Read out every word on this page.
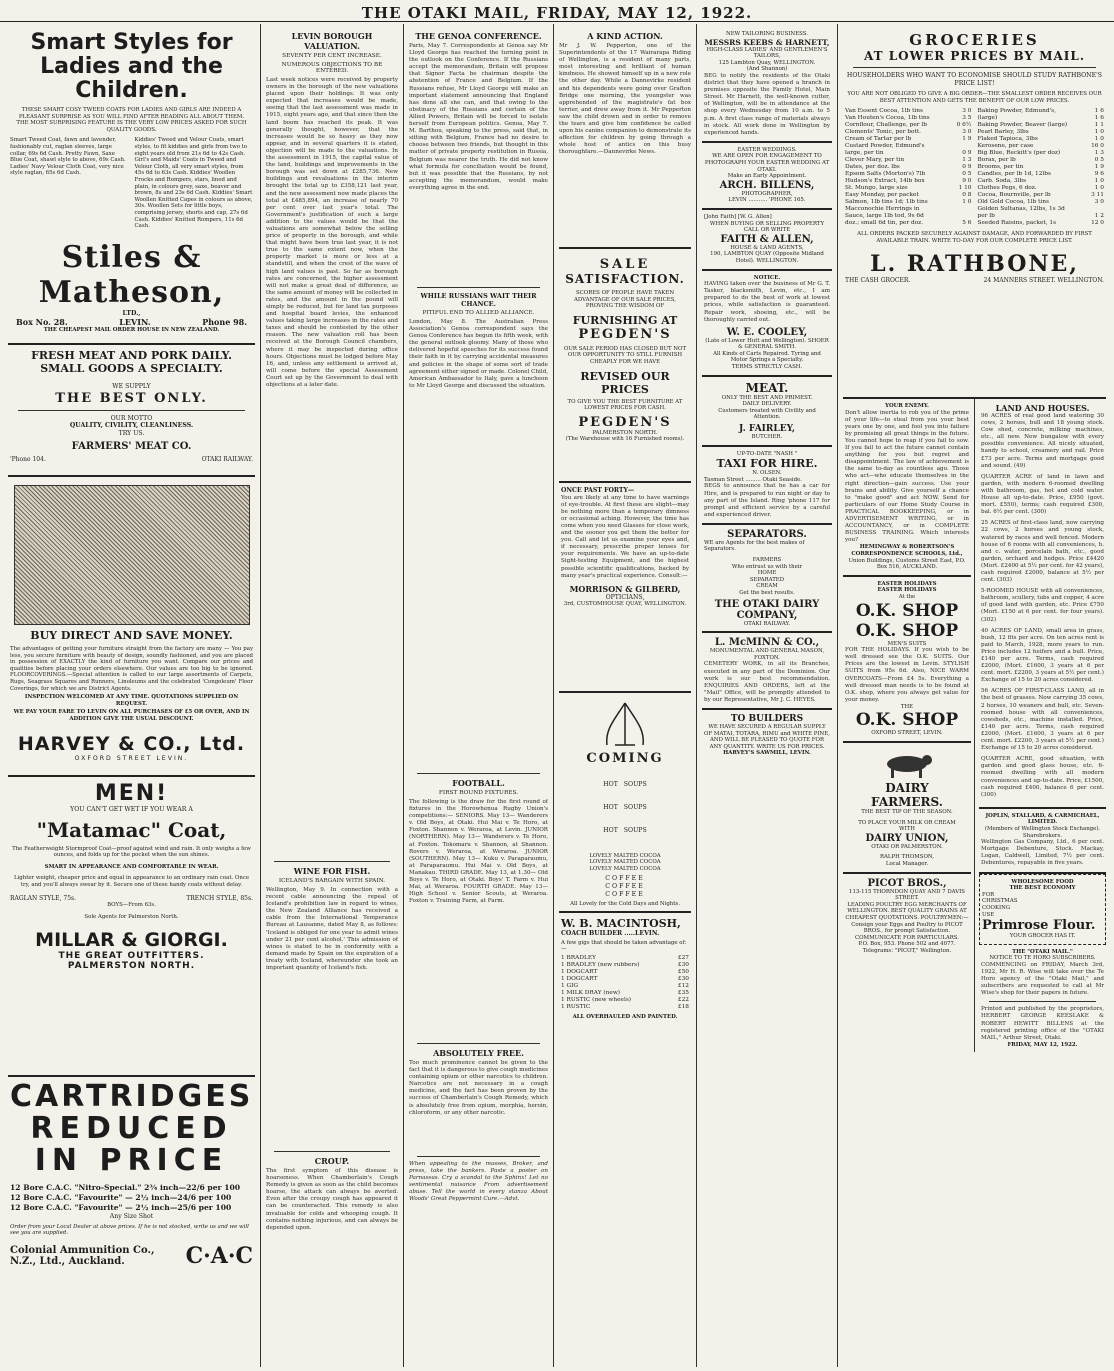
THE OTAKI MAIL, FRIDAY, MAY 12, 1922.
Smart Styles for Ladies and the Children.
THESE SMART COSY TWEED COATS FOR LADIES AND GIRLS ARE INDEED A PLEASANT SURPRISE AS YOU WILL FIND AFTER READING ALL ABOUT THEM. THE MOST SURPRISING FEATURE IS THE VERY LOW PRICES ASKED FOR SUCH QUALITY GOODS.
Smart Tweed Coat, fawn and lavender, fashionably cut, raglan sleeves, large collar, 69s 6d Cash. Pretty Fawn, Saxe Blue Coat, shawl style to above, 69s Cash. Ladies' Navy Velour Cloth Coat, very nice style raglan, 65s 6d Cash.
Kiddies' Tweed and Velour Coats, smart styles, to fit kiddies and girls from two to eight years old from 21s 6d to 42s Cash. Girl's and Maids' Coats in Tweed and Velour Cloth, all very smart styles, from 45s 6d to 63s Cash. Kiddies' Woollen Frocks and Rompers, stars, lined and plain, in colours grey, saxe, beaver and brown, 8s and 23s 6d Cash. Kiddies' Smart Woollen Knitted Capes in colours as above, 30s. Woollen Sets for little boys, comprising jersey, shorts and cap, 27s 6d Cash. Kiddies' Knitted Rompers, 11s 6d Cash.
Stiles & Matheson,
LTD.,
Box No. 28.	LEVIN.	Phone 98.
THE CHEAPEST MAIL ORDER HOUSE IN NEW ZEALAND.
FRESH MEAT AND PORK DAILY.
SMALL GOODS A SPECIALTY.
WE SUPPLY
THE BEST ONLY.
OUR MOTTO
QUALITY, CIVILITY, CLEANLINESS.
TRY US.
FARMERS' MEAT CO.
'Phone 104.	OTAKI RAILWAY.
BUY DIRECT AND SAVE MONEY.
The advantages of getting your furniture straight from the factory are many — You pay less, you secure furniture with beauty of design, soundly fashioned, and you are placed in possession of EXACTLY the kind of furniture you want. Compare our prices and qualities before placing your orders elsewhere. Our values are too big to be ignored. FLOORCOVERINGS.—Special attention is called to our large assortments of Carpets, Rugs, Seagrass Squares and Runners, Linoleums and the celebrated 'Congoleum' Floor Coverings, for which we are District Agents.
INSPECTION WELCOMED AT ANY TIME. QUOTATIONS SUPPLIED ON REQUEST.
WE PAY YOUR FARE TO LEVIN ON ALL PURCHASES OF £5 OR OVER, AND IN ADDITION GIVE THE USUAL DISCOUNT.
HARVEY & CO., Ltd.
OXFORD STREET LEVIN.
MEN!
YOU CAN'T GET WET IF YOU WEAR A
"Matamac" Coat,
The Featherweight Stormproof Coat—proof against wind and rain. It only weighs a few ounces, and folds up for the pocket when the sun shines.
SMART IN APPEARANCE AND COMFORTABLE IN WEAR.
Lighter weight, cheaper price and equal in appearance to an ordinary rain coat. Once try, and you'll always swear by it. Secure one of these handy coats without delay.
RAGLAN STYLE, 75s.	TRENCH STYLE, 85s.
BOYS—From 63s.
Sole Agents for Palmerston North.
MILLAR & GIORGI.
THE GREAT OUTFITTERS.
PALMERSTON NORTH.
CARTRIDGES
REDUCED
IN PRICE
12 Bore C.A.C. "Nitro-Special." 2¾ inch—22/6 per 100
12 Bore C.A.C. "Favourite" — 2½ inch—24/6 per 100
12 Bore C.A.C. "Favourite" — 2½ inch—25/6 per 100
Any Size Shot
Order from your Local Dealer at above prices. If he is not stocked, write us and we will see you are supplied.
Colonial Ammunition Co., N.Z., Ltd., Auckland.	C·A·C
LEVIN BOROUGH VALUATION.
SEVENTY PER CENT INCREASE.
NUMEROUS OBJECTIONS TO BE ENTERED.
Last week notices were received by property owners in the borough of the new valuations placed upon their holdings. It was only expected that increases would be made, seeing that the last assessment was made in 1915, eight years ago, and that since then the land boom has reached its peak. It was generally thought, however, that the increases would be so heavy as they now appear, and in several quarters it is stated, objection will be made to the valuations. In the assessment in 1915, the capital value of the land, buildings and improvements in the borough was set down at £285,736. New buildings and revaluations in the interim brought the total up to £358,121 last year, and the new assessment now made places the total at £485,894, an increase of nearly 70 per cent over last year's total. The Government's justification of such a large addition to the values would be that the valuations are somewhat below the selling price of property in the borough, and while that might have been true last year, it is not true to the same extent now, when the property market is more or less at a standstill, and when the crest of the wave of high land values is past. So far as borough rates are concerned, the higher assessment will not make a great deal of difference, as the same amount of money will be collected in rates, and the amount in the pound will simply be reduced, but for land tax purposes and hospital board levies, the enhanced values taking large increases in the rates and taxes and should be contested by the other reason. The new valuation roll has been received at the Borough Council chambers, where it may be inspected during office hours. Objections must be lodged before May 16, and, unless any settlement is arrived at, will come before the special Assessment Court set up by the Government to deal with objections at a later date.
WINE FOR FISH.
ICELAND'S BARGAIN WITH SPAIN.
Wellington, May 9. In connection with a recent cable announcing the repeal of Iceland's prohibition law in regard to wines, the New Zealand Alliance has received a cable from the International Temperance Bureau at Lausanne, dated May 8, as follows: 'Iceland is obliged for one year to admit wines under 21 per cent alcohol.' This admission of wines is stated to be in conformity with a demand made by Spain on the expiration of a treaty with Iceland, whereunder she took an important quantity of Iceland's fish.
CROUP.
The first symptom of this disease is hoarseness. When Chamberlain's Cough Remedy is given as soon as the child becomes hoarse, the attack can always be averted. Even after the croupy cough has appeared it can be counteracted. This remedy is also invaluable for colds and whooping cough. It contains nothing injurious, and can always be depended upon.
THE GENOA CONFERENCE.
Paris, May 7. Correspondents at Genoa say Mr Lloyd George has reached the turning point in the outlook on the Conference. If the Russians accept the memorandum, Britain will propose that Signor Facta be chairman despite the abstention of France and Belgium. If the Russians refuse, Mr Lloyd George will make an important statement announcing that England has done all she can, and that owing to the obstinacy of the Russians and certain of the Allied Powers, Britain will be forced to isolate herself from European politics. Genoa, May 7. M. Barthou, speaking to the press, said that, in sitting with Belgium, France had no desire to choose between two friends, but thought in this matter of private property restitution in Russia, Belgium was nearer the truth. He did not know what formula for conciliation would be found, but it was possible that the Russians, by not accepting the memorandum, would make everything agree in the end.
WHILE RUSSIANS WAIT THEIR CHANCE.
PITIFUL END TO ALLIED ALLIANCE.
London, May 8. The Australian Press Association's Genoa correspondent says the Genoa Conference has begun its fifth week, with the general outlook gloomy. Many of those who delivered hopeful speeches for its success found their faith in it by carrying accidental measures and policies in the shape of some sort of trade agreement either signed or made. Colonel Child, American Ambassador to Italy, gave a luncheon to Mr Lloyd George and discussed the situation.
FOOTBALL.
FIRST ROUND FIXTURES.
The following is the draw for the first round of fixtures in the Horowhenua Rugby Union's competitions:— SENIORS. May 13— Wanderers v. Old Boys, at Otaki. Hui Mai v. Te Horo, at Foxton. Shannon v. Weraroa, at Levin. JUNIOR (NORTHERN). May 13— Wanderers v. Te Horo, at Foxton. Tokomaru v. Shannon, at Shannon. Rovers v. Weraroa, at Weraroa. JUNIOR (SOUTHERN). May 13— Kuku v. Paraparaumu, at Paraparaumu. Hui Mai v. Old Boys, at Manakau. THIRD GRADE. May 13, at 1.30— Old Boys v. Te Horo, at Otaki. Boys' T. Farm v. Hui Mai, at Weraroa. FOURTH GRADE. May 13— High School v. Senior Scouts, at Weraroa. Foxton v. Training Farm, at Farm.
ABSOLUTELY FREE.
Too much prominence cannot be given to the fact that it is dangerous to give cough medicines containing opium or other narcotics to children. Narcotics are not necessary in a cough medicine, and the fact has been proven by the success of Chamberlain's Cough Remedy, which is absolutely free from opium, morphia, heroin, chloroform, or any other narcotic.
When appealing to the masses, Broker, and press, take the bankers. Paste a poster on Parnassus. Cry a scandal to the Sphinx! Let no sentimental nuisance From advertisement abuse. Tell the world in every stanza About Woods' Great Peppermint Cure.—Advt.
A KIND ACTION.
Mr J. W. Pepperton, one of the Superintendents of the 17 Wairarapa Riding of Wellington, is a resident of many parts, most interesting and brilliant of human kindness. He showed himself up in a new role the other day. While a Dannevirke resident and his dependents were going over Grafton Bridge one morning, the youngster was apprehended of the magistrate's fat box terrier, and drew away from it. Mr Pepperton saw the child drown and in order to remove the tears and give him confidence he called upon his canine companion to demonstrate its affection for children by going through a whole host of antics on this busy thoroughfare.—Dannevirke News.
SALE
SATISFACTION.
SCORES OF PEOPLE HAVE TAKEN ADVANTAGE OF OUR SALE PRICES, PROVING THE WISDOM OF
FURNISHING AT
PEGDEN'S
OUR SALE PERIOD HAS CLOSED BUT NOT OUR OPPORTUNITY TO STILL FURNISH CHEAPLY FOR WE HAVE
REVISED OUR PRICES
TO GIVE YOU THE BEST FURNITURE AT LOWEST PRICES FOR CASH.
PEGDEN'S
PALMERSTON NORTH.
(The Warehouse with 16 Furnished rooms).
ONCE PAST FORTY—
You are likely at any time to have warnings of eye-trouble. At first these are slight—may be nothing more than a temporary dimness or occasional aching. However, the time has come when you need Glasses for close work, and the sooner you get them the better for you. Call and let us examine your eyes and, if necessary, prescribe proper lenses for your requirements. We have an up-to-date Sight-testing Equipment, and the highest possible scientific qualifications, backed by many year's practical experience. Consult:—
MORRISON & GILBERD,
OPTICIANS,
3rd, CUSTOMHOUSE QUAY, WELLINGTON.
COMING

HOT   SOUPS

HOT   SOUPS

HOT   SOUPS

LOVELY MALTED COCOA
LOVELY MALTED COCOA
LOVELY MALTED COCOA
COFFEE
COFFEE
COFFEE
All Lovely for the Cold Days and Nights.
W. B. MACINTOSH,
COACH BUILDER .....LEVIN.
A few gigs that should be taken advantage of:—
1 BRADLEY	£27
1 BRADLEY (new rubbers)	£30
1 DOGCART	£50
1 DOGCART	£30
1 GIG	£12
1 MILK DRAY (new)	£35
1 RUSTIC (new wheels)	£22
1 RUSTIC	£18
ALL OVERHAULED AND PAINTED.
NEW TAILORING BUSINESS.
MESSRS KEEBS & HARNETT,
HIGH-CLASS LADIES' AND GENTLEMEN'S TAILORS,
125 Lambton Quay, WELLINGTON.
(And Shannon)
BEG to notify the residents of the Otaki district that they have opened a branch in premises opposite the Family Hotel, Main Street. Mr Harnett, the well-known cutter, of Wellington, will be in attendance at the shop every Wednesday from 10 a.m. to 5 p.m. A first class range of materials always in stock. All work done in Wellington by experienced hands.
EASTER WEDDINGS.
WE ARE OPEN FOR ENGAGEMENT TO PHOTOGRAPH YOUR EASTER WEDDING AT OTAKI.
Make an Early Appointment.
ARCH. BILLENS,
PHOTOGRAPHER,
LEVIN ........... 'PHONE 165.
[John Faith] [W. G. Allen]
WHEN BUYING OR SELLING PROPERTY CALL OR WRITE
FAITH & ALLEN,
HOUSE & LAND AGENTS,
190, LAMBTON QUAY (Opposite Midland Hotel). WELLINGTON.
NOTICE.
HAVING taken over the business of Mr G. T. Tasker, blacksmith, Levin, etc., I am prepared to do the best of work at lowest prices, while satisfaction is guaranteed. Repair work, shoeing, etc., will be thoroughly carried out.
W. E. COOLEY,
(Late of Lower Hutt and Wellington). SHOER & GENERAL SMITH.
All Kinds of Carts Repaired. Tyring and Motor Springs a Specialty.
TERMS STRICTLY CASH.
MEAT.
ONLY THE BEST AND PRIMEST.
DAILY DELIVERY.
Customers treated with Civility and Attention.
J. FAIRLEY,
BUTCHER.
UP-TO-DATE "NASH "
TAXI FOR HIRE.
N. OLSEN.
Tasman Street ......... Otaki Seaside.
BEGS to announce that he has a car for Hire, and is prepared to run night or day to any part of the Island. Ring 'phone 117 for prompt and efficient service by a careful and experienced driver.
SEPARATORS.
WE are Agents for the best makes of Separators.
FARMERS
Who entrust us with their
HOME
SEPARATED
CREAM
Get the best results.
THE OTAKI DAIRY COMPANY,
OTAKI RAILWAY.
L. McMINN & CO.,
MONUMENTAL AND GENERAL MASON, FOXTON.
CEMETERY WORK, in all its Branches, executed in any part of the Dominion. Our work is our best recommendation. ENQUIRIES AND ORDERS, left at the "Mail" Office, will be promptly attended to by our Representative, Mr J. C. HEYES.
TO BUILDERS
WE HAVE SECURED A REGULAR SUPPLY OF MATAI, TOTARA, RIMU and WHITE PINE, AND WILL BE PLEASED TO QUOTE FOR ANY QUANTITY. WRITE US FOR PRICES.
HARVEY'S SAWMILL, LEVIN.
GROCERIES
AT LOWER PRICES BY MAIL.
HOUSEHOLDERS WHO WANT TO ECONOMISE SHOULD STUDY RATHBONE'S PRICE LIST!
YOU ARE NOT OBLIGED TO GIVE A BIG ORDER—THE SMALLEST ORDER RECEIVES OUR BEST ATTENTION AND GETS THE BENEFIT OF OUR LOW PRICES.
Van Essent Cocoa, 1lb tins	3 0
Van Houten's Cocoa, 1lb tins	3 5
Cornflour, Challenge, per lb	0 6½
Clements' Tonic, per bott.	3 0
Cream of Tartar per lb	1 9
Custard Powder, Edmund's
large, per tin	0 9
Clever Mary, per tin	1 3
Dates, per doz. lbs	0 9
Epsom Salts (Morton's) 7lb	0 5
Hudson's Extract, 14lb box	9 0
St. Mungo, large size	1 10
Easy Monday, per packet	0 8
Salmon, 1lb tins 1d; 1lb tins	1 0
Macconochie Herrings in
Sauce, large 1lb tod, 9s 6d
doz.; small 6d tin, per doz.	5 6
Baking Powder, Edmund's,	1 6
(large)	1 6
Baking Powder, Beaver (large)	1 1
Pearl Barley, 3lbs	1 0
Flaked Tapioca, 3lbs	1 0
Kerosene, per case	16 0
Big Blue, Reckitt's (per doz)	1 3
Borax, per lb	0 5
Brooms, per tin	1 9
Candles, per lb 1d, 12lbs	9 6
Carb. Soda, 3lbs	1 0
Clothes Pegs, 6 doz.	1 0
Cocoa, Bournville, per lb	3 11
Old Gold Cocoa, 1lb tins	3 0
Golden Sultanas, 12lbs, 1s 3d
per lb	1 2
Seeded Raisins, packet, 1s	12 0
ALL ORDERS PACKED SECURELY AGAINST DAMAGE, AND FORWARDED BY FIRST AVAILABLE TRAIN. WRITE TO-DAY FOR OUR COMPLETE PRICE LIST.
L. RATHBONE,
THE CASH GROCER.	24 MANNERS STREET. WELLINGTON.
YOUR ENEMY.
Don't allow inertia to rob you of the prime of your life—to steal from you your best years one by one, and fool you into failure by promising all great things in the future. You cannot hope to reap if you fail to sow. If you fail to act the future cannot contain anything for you but regret and disappointment. The law of achievement is the same to-day as countless ago. Those who act—who educate themselves in the right direction—gain success. Use your brains and ability. Give yourself a chance to "make good" and act NOW. Send for particulars of our Home Study Course in PRACTICAL BOOKKEEPING, or in ADVERTISEMENT WRITING, or in ACCOUNTANCY, or in COMPLETE BUSINESS TRAINING. Which interests you?
HEMINGWAY & ROBERTSON'S CORRESPONDENCE SCHOOLS, Ltd.,
Union Buildings, Customs Street East, P.O. Box 516, AUCKLAND.
EASTER HOLIDAYS
EASTER HOLIDAYS
At the
O.K. SHOP
O.K. SHOP
MEN'S SUITS
FOR THE HOLIDAYS. If you wish to be well dressed see the O.K. SUITS. Our Prices are the lowest in Levin. STYLISH SUITS from 95s 6d. Also, NICE WARM OVERCOATS—From £4 5s. Everything a well dressed man needs is to be found at O.K. shop, where you always get value for your money.
THE
O.K. SHOP
OXFORD STREET, LEVIN.
DAIRY
FARMERS.
THE BEST TIP OF THE SEASON.
TO PLACE YOUR MILK OR CREAM
WITH
DAIRY UNION,
OTAKI OR PALMERSTON.
RALPH THOMSON,
Local Manager.
PICOT BROS.,
113-115 THORNDON QUAY AND 7 DAVIS STREET.
LEADING POULTRY EGG MERCHANTS OF WELLINGTON. BEST QUALITY GRAINS AT CHEAPEST QUOTATIONS. POULTRYMEN:—Consign your Eggs and Poultry to PICOT BROS., for prompt Satisfaction.
COMMUNICATE FOR PARTICULARS.
P.O. Box, 953. Phone 502 and 4077. Telegrams: "PICOT," Wellington.
LAND AND HOUSES.
96 ACRES of real good land watering 30 cows, 2 horses, bull and 18 young stock. Cow shed, concrete, milking machines, etc., all new. New bungalow with every possible convenience. All nicely situated, handy to school, creamery and rail. Price £73 per acre. Terms and mortgage good and sound. (49)
QUARTER ACRE of land in lawn and garden, with modern 6-roomed dwelling with bathroom, gas, hot and cold water. House all up-to-date. Price, £950 (govt. mort. £550), terms; cash required £300, bal. 6½ per cent. (300)
25 ACRES of first-class land, now carrying 22 cows, 2 horses and young stock, watered by races and well fenced. Modern house of 6 rooms with all conveniences, h. and c. water, porcelain bath, etc., good garden, orchard and hedges. Price £4420 (Mort. £2400 at 5½ per cent. for 42 years), cash required £2000, balance at 5½ per cent. (303)
5-ROOMED HOUSE with all conveniences, bathroom, scullery, tubs and copper, 4 acre of good land with garden, etc. Price £750 (Mort. £150 at 6 per cent. for four years). (302)
40 ACRES OF LAND, small area in grass, bush, 12 fits per acre. On ten acres rent is paid to March, 1928, more years to run. Price includes 12 heifers and a bull. Price, £140 per acre. Terms, cash required £2000, (Mort. £1600, 3 years at 6 per cent. mort. £2200, 3 years at 5½ per cent.) Exchange of 15 to 20 acres considered.
56 ACRES OF FIRST-CLASS LAND, all in the best of grasses. Now carrying 35 cows, 2 horses, 10 weaners and bull, etc. Seven-roomed house with all conveniences, cowsheds, etc., machine installed. Price, £140 per acre. Terms, cash required £2000, (Mort. £1600, 3 years at 6 per cent. mort. £2200, 3 years at 5½ per cent.) Exchange of 15 to 20 acres considered.
QUARTER ACRE, good situation, with garden and good glass house, etc. 6-roomed dwelling with all modern conveniences and up-to-date. Price, £1500, cash required £400, balance 6 per cent. (300)
JOPLIN, STALLARD, & CARMICHAEL, LIMITED.
(Members of Wellington Stock Exchange). Sharebrokers.
Wellington Gas Company, Ltd., 6 per cent. Mortgage Debenture, Stock. Mackay, Logan, Caldwell, Limited, 7½ per cent. Debentures, repayable in five years.
WHOLESOME FOOD
THE BEST ECONOMY
FOR
CHRISTMAS
COOKING
USE
Primrose Flour.
YOUR GROCER HAS IT.
THE "OTAKI MAIL."
NOTICE TO TE HORO SUBSCRIBERS.
COMMENCING on FRIDAY, March 3rd, 1922, Mr H. R. Wise will take over the Te Horo agency of the "Otaki Mail," and subscribers are requested to call at Mr Wise's shop for their papers in future.
Printed and published by the proprietors, HERBERT GEORGE KEESLAKE & ROBERT HEWITT BILLENS at the registered printing office of the "OTAKI MAIL," Arthur Street, Otaki.
FRIDAY, MAY 12, 1922.
